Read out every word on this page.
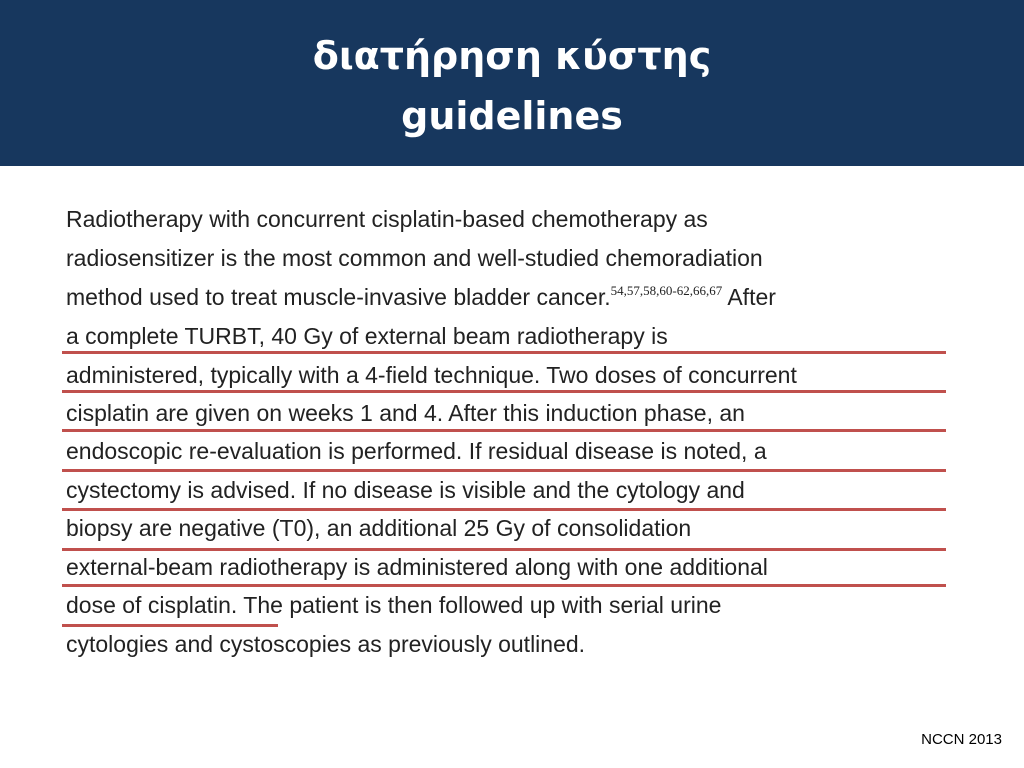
διατήρηση κύστης
guidelines
Radiotherapy with concurrent cisplatin-based chemotherapy as
radiosensitizer is the most common and well-studied chemoradiation
method used to treat muscle-invasive bladder cancer.$^{54,57,58,60-62,66,67}$ After
a complete TURBT, 40 Gy of external beam radiotherapy is
administered, typically with a 4-field technique. Two doses of concurrent
cisplatin are given on weeks 1 and 4. After this induction phase, an
endoscopic re-evaluation is performed. If residual disease is noted, a
cystectomy is advised. If no disease is visible and the cytology and
biopsy are negative (T0), an additional 25 Gy of consolidation
external-beam radiotherapy is administered along with one additional
dose of cisplatin. The patient is then followed up with serial urine
cytologies and cystoscopies as previously outlined.
NCCN 2013
